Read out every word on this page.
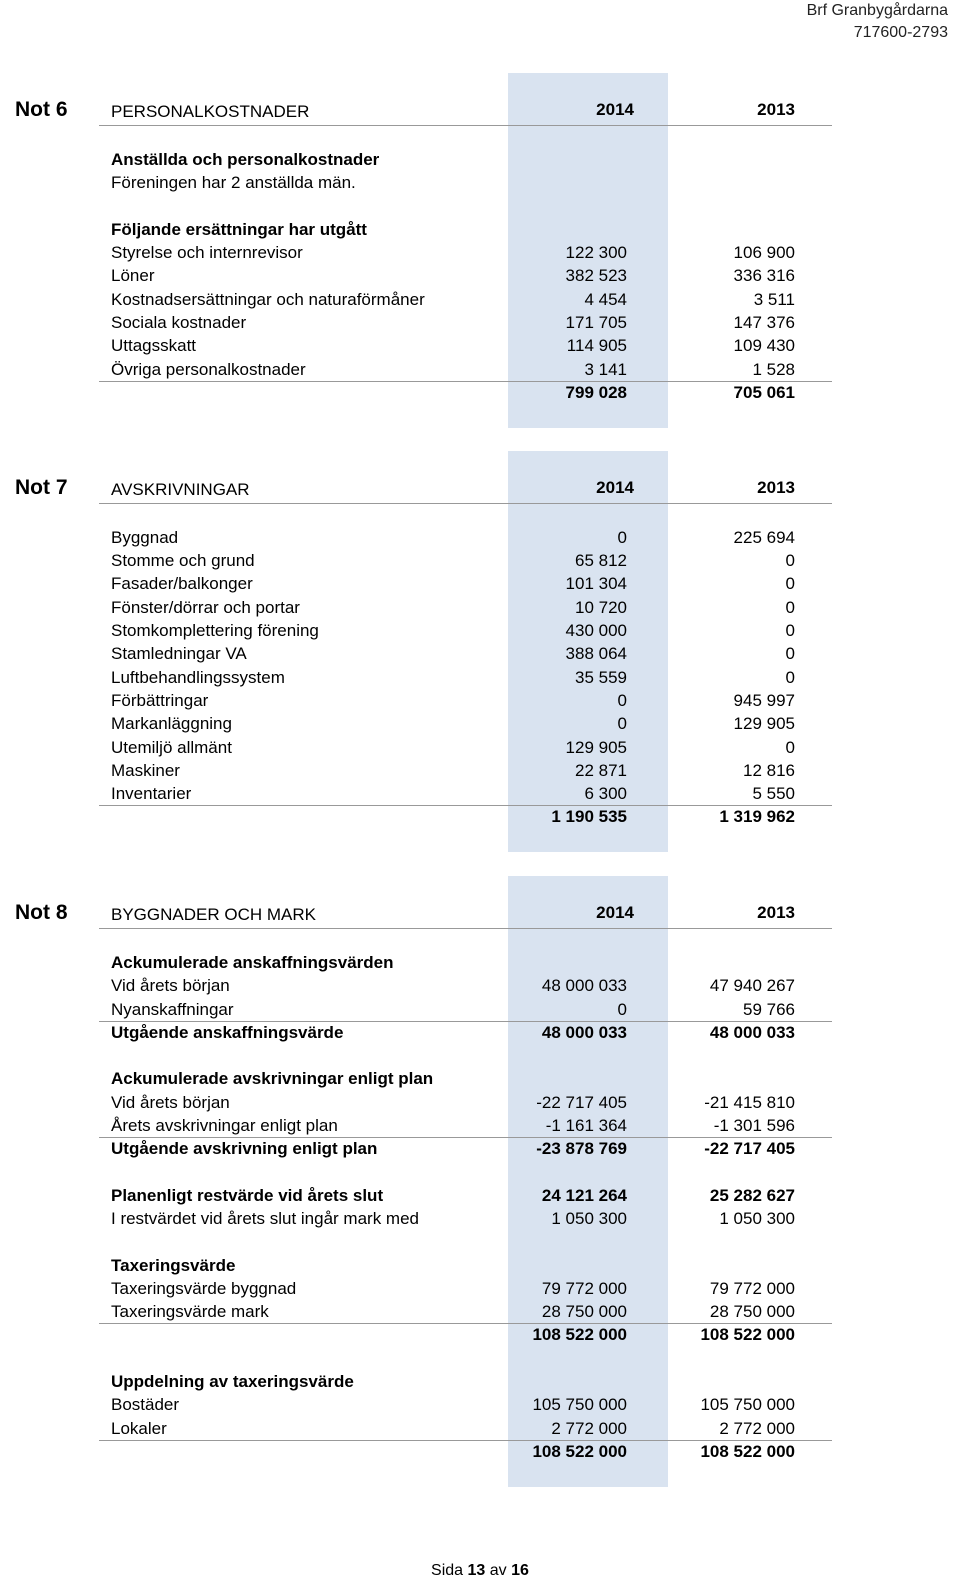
Brf Granbygårdarna
717600-2793
Not 6	PERSONALKOSTNADER	2014	2013
Anställda och personalkostnader
Föreningen har 2 anställda män.
Följande ersättningar har utgått
Styrelse och internrevisor	122 300	106 900
Löner	382 523	336 316
Kostnadsersättningar och naturaförmåner	4 454	3 511
Sociala kostnader	171 705	147 376
Uttagsskatt	114 905	109 430
Övriga personalkostnader	3 141	1 528
799 028	705 061
Not 7	AVSKRIVNINGAR	2014	2013
Byggnad	0	225 694
Stomme och grund	65 812	0
Fasader/balkonger	101 304	0
Fönster/dörrar och portar	10 720	0
Stomkomplettering förening	430 000	0
Stamledningar VA	388 064	0
Luftbehandlingssystem	35 559	0
Förbättringar	0	945 997
Markanläggning	0	129 905
Utemiljö allmänt	129 905	0
Maskiner	22 871	12 816
Inventarier	6 300	5 550
1 190 535	1 319 962
Not 8	BYGGNADER OCH MARK	2014	2013
Ackumulerade anskaffningsvärden
Vid årets början	48 000 033	47 940 267
Nyanskaffningar	0	59 766
Utgående anskaffningsvärde	48 000 033	48 000 033
Ackumulerade avskrivningar enligt plan
Vid årets början	-22 717 405	-21 415 810
Årets avskrivningar enligt plan	-1 161 364	-1 301 596
Utgående avskrivning enligt plan	-23 878 769	-22 717 405
Planenligt restvärde vid årets slut	24 121 264	25 282 627
I restvärdet vid årets slut ingår mark med	1 050 300	1 050 300
Taxeringsvärde
Taxeringsvärde byggnad	79 772 000	79 772 000
Taxeringsvärde mark	28 750 000	28 750 000
108 522 000	108 522 000
Uppdelning av taxeringsvärde
Bostäder	105 750 000	105 750 000
Lokaler	2 772 000	2 772 000
108 522 000	108 522 000
Sida 13 av 16
